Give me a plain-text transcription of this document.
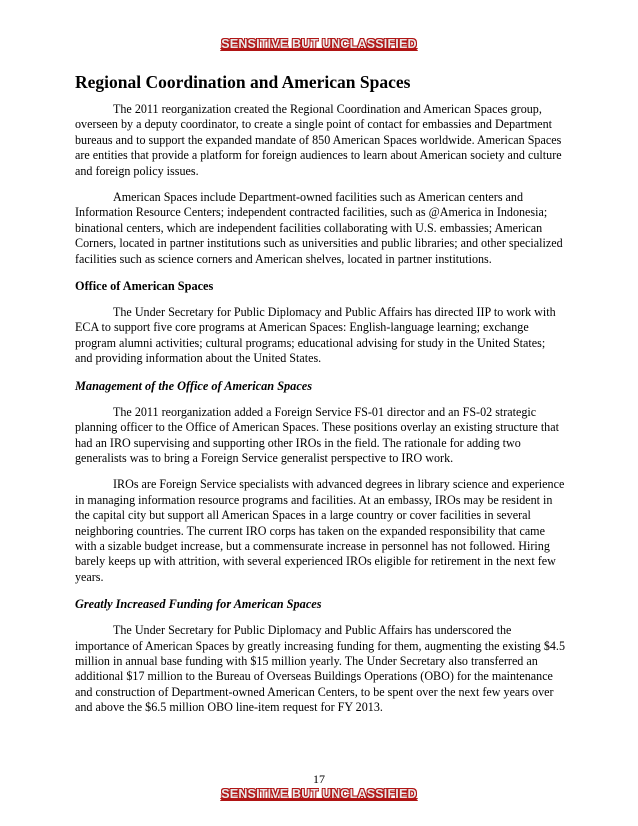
SENSITIVE BUT UNCLASSIFIED
Regional Coordination and American Spaces

The 2011 reorganization created the Regional Coordination and American Spaces group, overseen by a deputy coordinator, to create a single point of contact for embassies and Department bureaus and to support the expanded mandate of 850 American Spaces worldwide. American Spaces are entities that provide a platform for foreign audiences to learn about American society and culture and foreign policy issues.

American Spaces include Department-owned facilities such as American centers and Information Resource Centers; independent contracted facilities, such as @America in Indonesia; binational centers, which are independent facilities collaborating with U.S. embassies; American Corners, located in partner institutions such as universities and public libraries; and other specialized facilities such as science corners and American shelves, located in partner institutions.

Office of American Spaces

The Under Secretary for Public Diplomacy and Public Affairs has directed IIP to work with ECA to support five core programs at American Spaces: English-language learning; exchange program alumni activities; cultural programs; educational advising for study in the United States; and providing information about the United States.

Management of the Office of American Spaces

The 2011 reorganization added a Foreign Service FS-01 director and an FS-02 strategic planning officer to the Office of American Spaces. These positions overlay an existing structure that had an IRO supervising and supporting other IROs in the field. The rationale for adding two generalists was to bring a Foreign Service generalist perspective to IRO work.

IROs are Foreign Service specialists with advanced degrees in library science and experience in managing information resource programs and facilities. At an embassy, IROs may be resident in the capital city but support all American Spaces in a large country or cover facilities in several neighboring countries. The current IRO corps has taken on the expanded responsibility that came with a sizable budget increase, but a commensurate increase in personnel has not followed. Hiring barely keeps up with attrition, with several experienced IROs eligible for retirement in the next few years.

Greatly Increased Funding for American Spaces

The Under Secretary for Public Diplomacy and Public Affairs has underscored the importance of American Spaces by greatly increasing funding for them, augmenting the existing $4.5 million in annual base funding with $15 million yearly. The Under Secretary also transferred an additional $17 million to the Bureau of Overseas Buildings Operations (OBO) for the maintenance and construction of Department-owned American Centers, to be spent over the next few years over and above the $6.5 million OBO line-item request for FY 2013.

17
SENSITIVE BUT UNCLASSIFIED
